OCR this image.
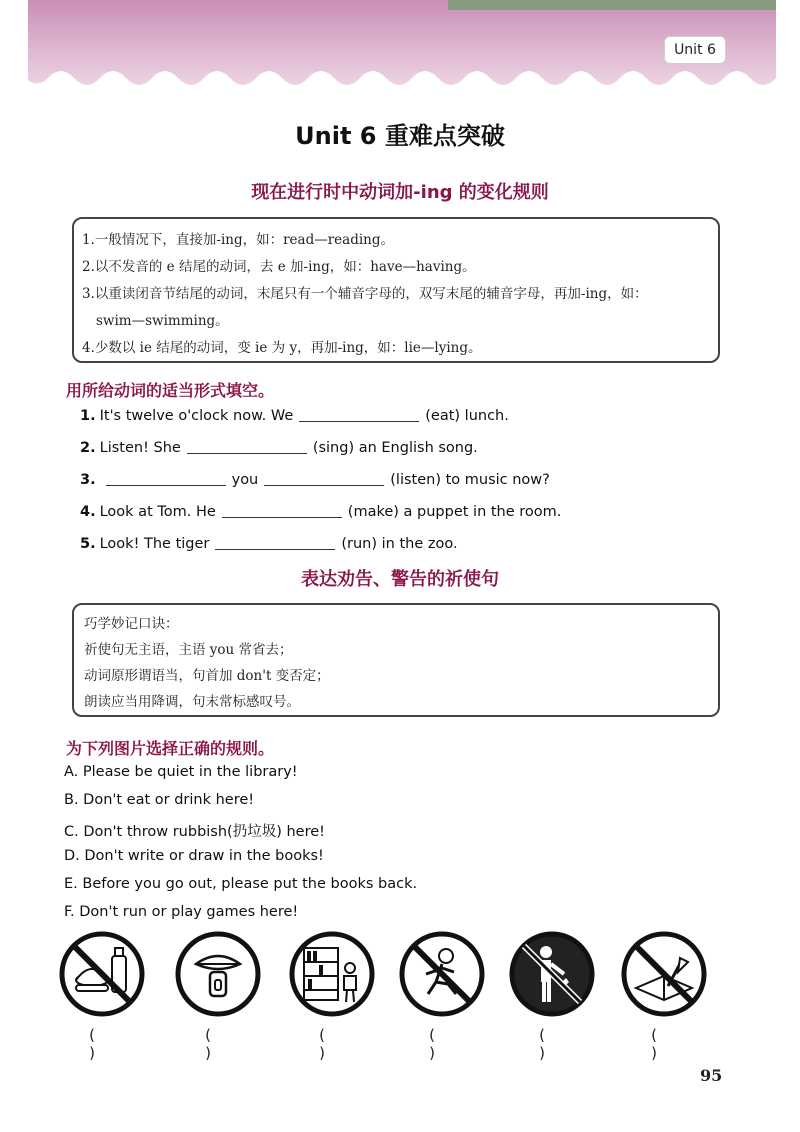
Unit 6
Unit 6 重难点突破
现在进行时中动词加-ing 的变化规则
1.一般情况下，直接加-ing，如：read—reading。
2.以不发音的 e 结尾的动词，去 e 加-ing，如：have—having。
3.以重读闭音节结尾的动词，末尾只有一个辅音字母的，双写末尾的辅音字母，再加-ing，如：
swim—swimming。
4.少数以 ie 结尾的动词，变 ie 为 y，再加-ing，如：lie—lying。
用所给动词的适当形式填空。
1. It's twelve o'clock now. We	(eat) lunch.
2. Listen! She	(sing) an English song.
3.	you	(listen) to music now?
4. Look at Tom. He	(make) a puppet in the room.
5. Look! The tiger	(run) in the zoo.
表达劝告、警告的祈使句
巧学妙记口诀：
祈使句无主语，主语 you 常省去；
动词原形谓语当，句首加 don't 变否定；
朗读应当用降调，句末常标感叹号。
为下列图片选择正确的规则。
A. Please be quiet in the library!
B. Don't eat or drink here!
C. Don't throw rubbish(扔垃圾) here!
D. Don't write or draw in the books!
E. Before you go out, please put the books back.
F. Don't run or play games here!
( )
( )
( )
( )
( )
( )
95
